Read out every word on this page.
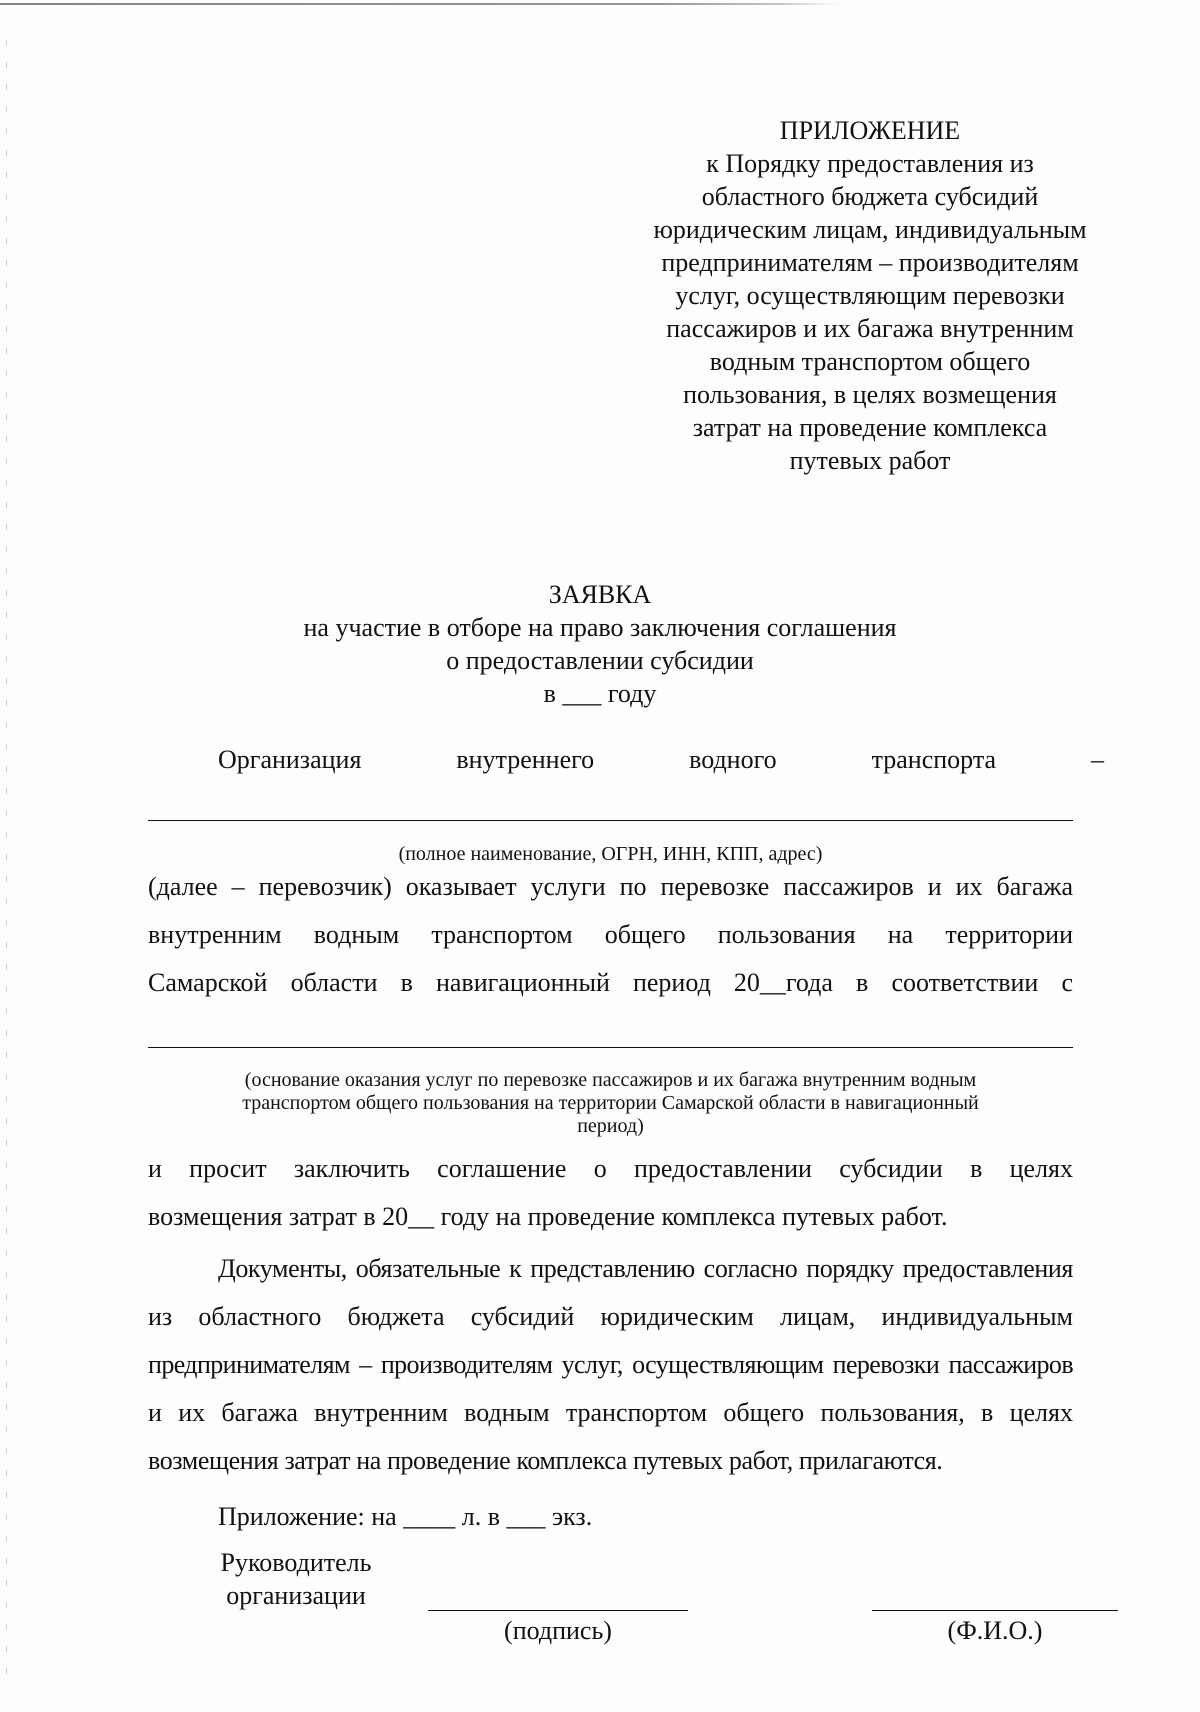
ПРИЛОЖЕНИЕ
к Порядку предоставления из
областного бюджета субсидий
юридическим лицам, индивидуальным
предпринимателям – производителям
услуг, осуществляющим перевозки
пассажиров и их багажа внутренним
водным транспортом общего
пользования, в целях возмещения
затрат на проведение комплекса
путевых работ
ЗАЯВКА
на участие в отборе на право заключения соглашения
о предоставлении субсидии
в ___ году
Организация внутреннего водного транспорта –
(полное наименование, ОГРН, ИНН, КПП, адрес)
(далее – перевозчик) оказывает услуги по перевозке пассажиров и их багажа
внутренним водным транспортом общего пользования на территории
Самарской области в навигационный период 20__года в соответствии с
(основание оказания услуг по перевозке пассажиров и их багажа внутренним водным
транспортом общего пользования на территории Самарской области в навигационный
период)
и просит заключить соглашение о предоставлении субсидии в целях
возмещения затрат в 20__ году на проведение комплекса путевых работ.
Документы, обязательные к представлению согласно порядку предоставления
из областного бюджета субсидий юридическим лицам, индивидуальным
предпринимателям – производителям услуг, осуществляющим перевозки пассажиров
и их багажа внутренним водным транспортом общего пользования, в целях
возмещения затрат на проведение комплекса путевых работ, прилагаются.
Приложение: на ____ л. в ___ экз.
Руководитель
организации
(подпись)	(Ф.И.О.)
